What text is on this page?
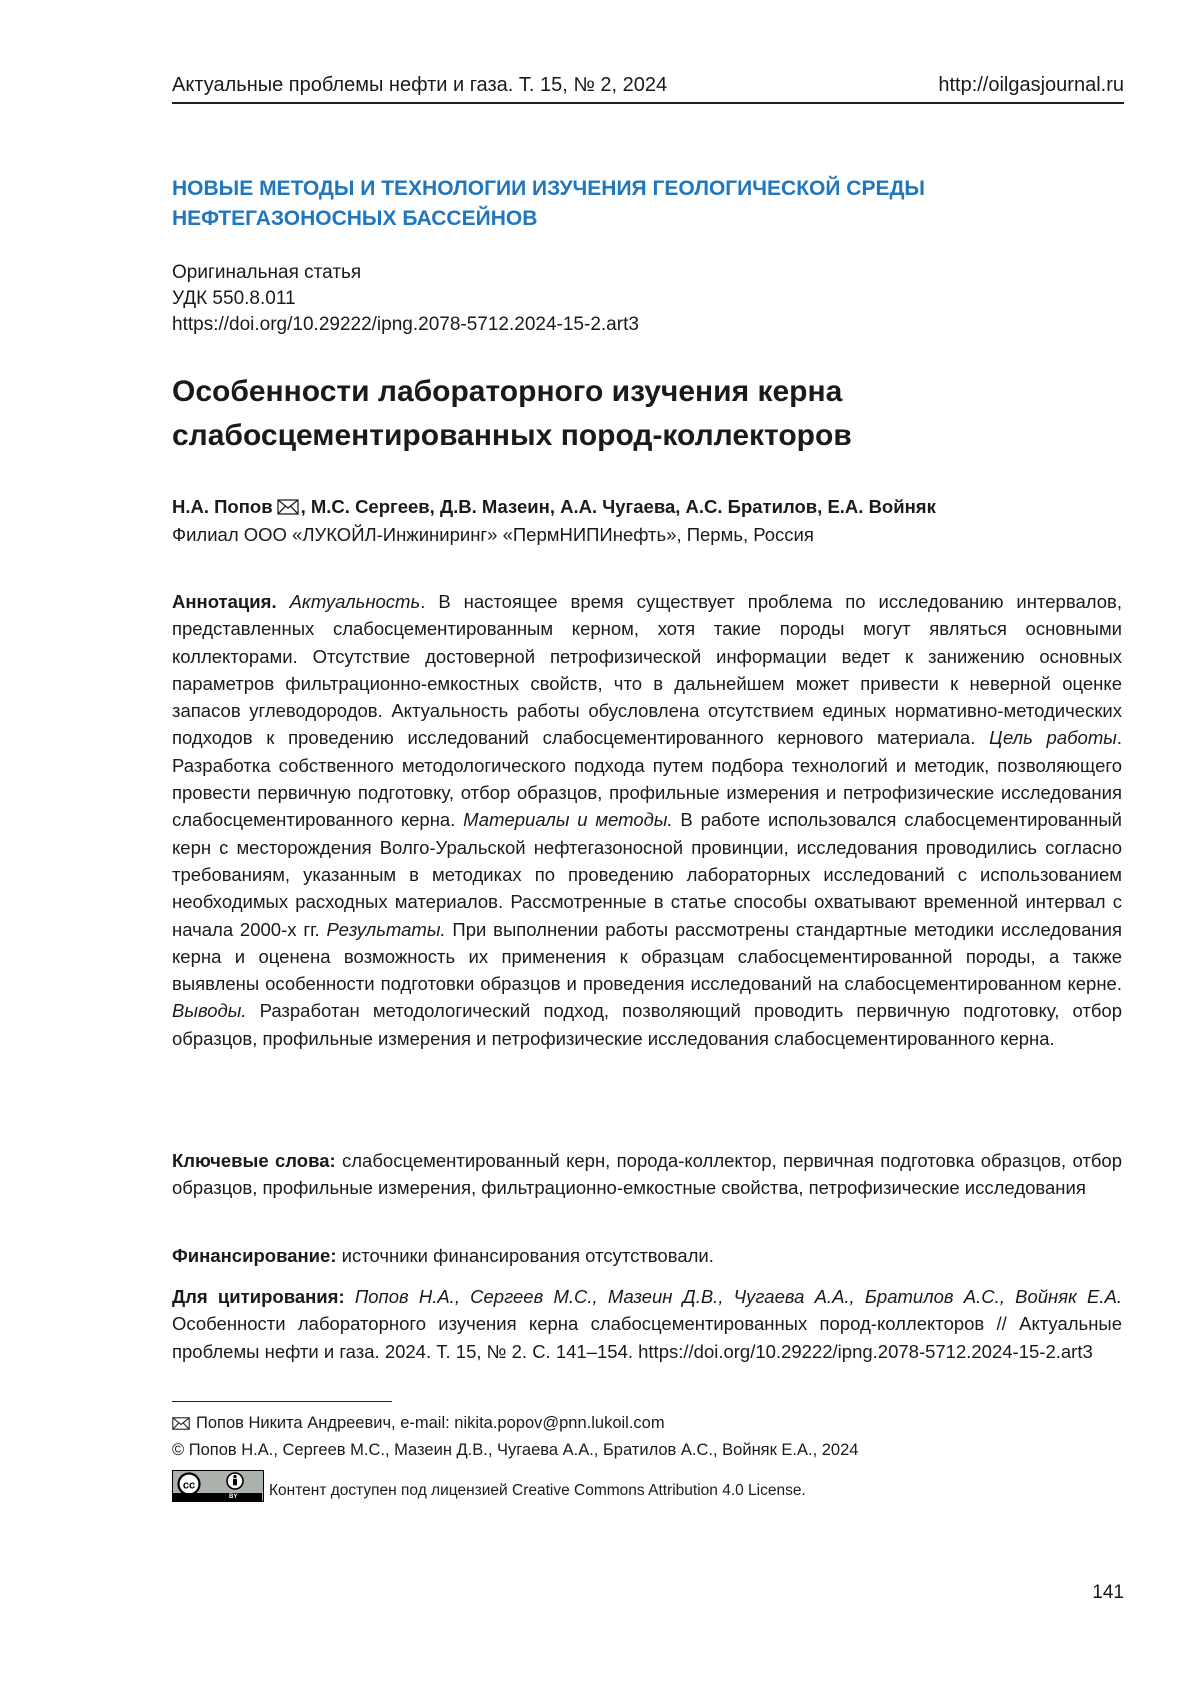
Актуальные проблемы нефти и газа. Т. 15, № 2, 2024	http://oilgasjournal.ru
НОВЫЕ МЕТОДЫ И ТЕХНОЛОГИИ ИЗУЧЕНИЯ ГЕОЛОГИЧЕСКОЙ СРЕДЫ
НЕФТЕГАЗОНОСНЫХ БАССЕЙНОВ
Оригинальная статья
УДК 550.8.011
https://doi.org/10.29222/ipng.2078-5712.2024-15-2.art3
Особенности лабораторного изучения керна
слабосцементированных пород-коллекторов
Н.А. Попов , М.С. Сергеев, Д.В. Мазеин, А.А. Чугаева, А.С. Братилов, Е.А. Войняк
Филиал ООО «ЛУКОЙЛ-Инжиниринг» «ПермНИПИнефть», Пермь, Россия
Аннотация. Актуальность. В настоящее время существует проблема по исследованию интервалов, представленных слабосцементированным керном, хотя такие породы могут являться основными коллекторами. Отсутствие достоверной петрофизической информации ведет к занижению основных параметров фильтрационно-емкостных свойств, что в дальнейшем может привести к неверной оценке запасов углеводородов. Актуальность работы обусловлена отсутствием единых нормативно-методических подходов к проведению исследований слабосцементированного кернового материала. Цель работы. Разработка собственного методологического подхода путем подбора технологий и методик, позволяющего провести первичную подготовку, отбор образцов, профильные измерения и петрофизические исследования слабосцементированного керна. Материалы и методы. В работе использовался слабосцементированный керн с месторождения Волго-Уральской нефтегазоносной провинции, исследования проводились согласно требованиям, указанным в методиках по проведению лабораторных исследований с использованием необходимых расходных материалов. Рассмотренные в статье способы охватывают временной интервал с начала 2000-х гг. Результаты. При выполнении работы рассмотрены стандартные методики исследования керна и оценена возможность их применения к образцам слабосцементированной породы, а также выявлены особенности подготовки образцов и проведения исследований на слабосцементированном керне. Выводы. Разработан методологический подход, позволяющий проводить первичную подготовку, отбор образцов, профильные измерения и петрофизические исследования слабосцементированного керна.
Ключевые слова: слабосцементированный керн, порода-коллектор, первичная подготовка образцов, отбор образцов, профильные измерения, фильтрационно-емкостные свойства, петрофизические исследования
Финансирование: источники финансирования отсутствовали.
Для цитирования: Попов Н.А., Сергеев М.С., Мазеин Д.В., Чугаева А.А., Братилов А.С., Войняк Е.А. Особенности лабораторного изучения керна слабосцементированных пород-коллекторов // Актуальные проблемы нефти и газа. 2024. Т. 15, № 2. С. 141–154. https://doi.org/10.29222/ipng.2078-5712.2024-15-2.art3
Попов Никита Андреевич, e-mail: nikita.popov@pnn.lukoil.com
© Попов Н.А., Сергеев М.С., Мазеин Д.В., Чугаева А.А., Братилов А.С., Войняк Е.А., 2024
cc
BY Контент доступен под лицензией Creative Commons Attribution 4.0 License.
141
